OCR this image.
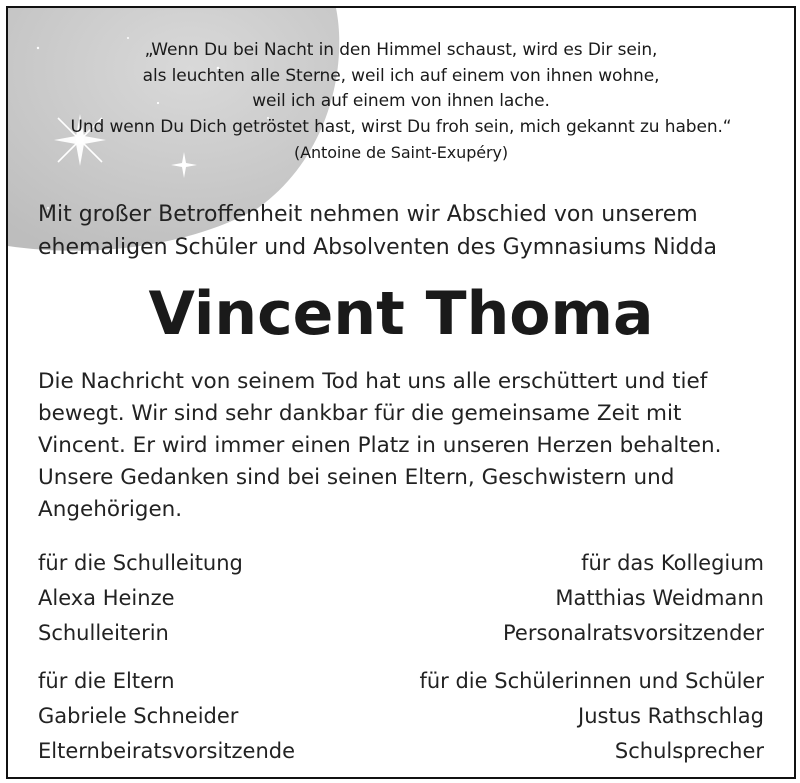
„Wenn Du bei Nacht in den Himmel schaust, wird es Dir sein,
als leuchten alle Sterne, weil ich auf einem von ihnen wohne,
weil ich auf einem von ihnen lache.
Und wenn Du Dich getröstet hast, wirst Du froh sein, mich gekannt zu haben.“
(Antoine de Saint-Exupéry)
Mit großer Betroffenheit nehmen wir Abschied von unserem
ehemaligen Schüler und Absolventen des Gymnasiums Nidda
Vincent Thoma
Die Nachricht von seinem Tod hat uns alle erschüttert und tief
bewegt. Wir sind sehr dankbar für die gemeinsame Zeit mit
Vincent. Er wird immer einen Platz in unseren Herzen behalten.
Unsere Gedanken sind bei seinen Eltern, Geschwistern und
Angehörigen.
für die Schulleitung
Alexa Heinze
Schulleiterin
für das Kollegium
Matthias Weidmann
Personalratsvorsitzender
für die Eltern
Gabriele Schneider
Elternbeiratsvorsitzende
für die Schülerinnen und Schüler
Justus Rathschlag
Schulsprecher
